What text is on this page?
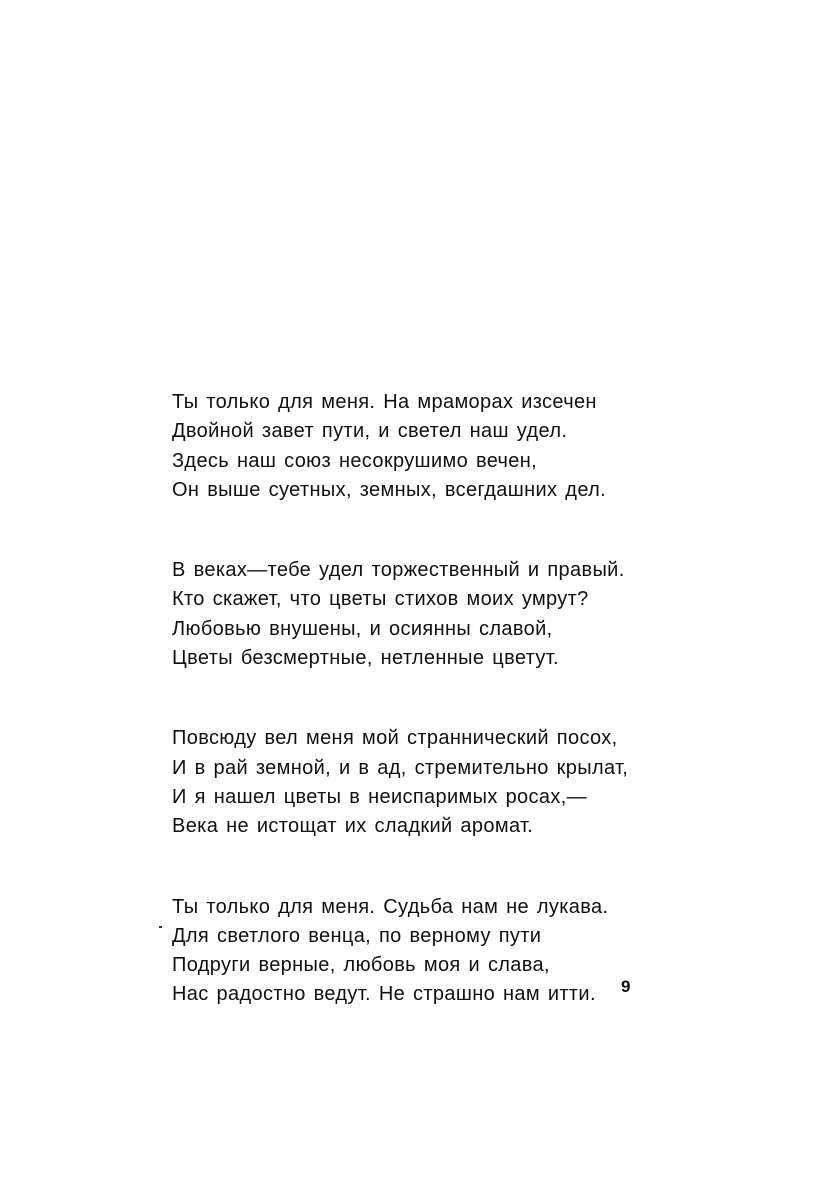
Ты только для меня. На мраморах изсечен
Двойной завет пути, и светел наш удел.
Здесь наш союз несокрушимо вечен,
Он выше суетных, земных, всегдашних дел.
В веках—тебе удел торжественный и правый.
Кто скажет, что цветы стихов моих умрут?
Любовью внушены, и осиянны славой,
Цветы безсмертные, нетленные цветут.
Повсюду вел меня мой страннический посох,
И в рай земной, и в ад, стремительно крылат,
И я нашел цветы в неиспаримых росах,—
Века не истощат их сладкий аромат.
Ты только для меня. Судьба нам не лукава.
Для светлого венца, по верному пути
Подруги верные, любовь моя и слава,
Нас радостно ведут. Не страшно нам итти.	9
